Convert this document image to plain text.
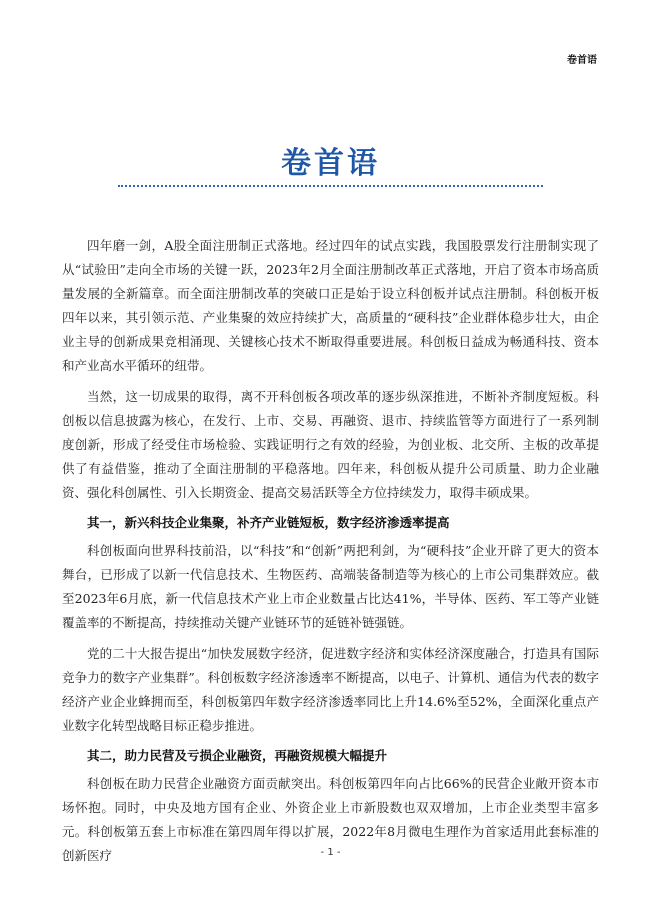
卷首语
卷首语

四年磨一剑，A股全面注册制正式落地。经过四年的试点实践，我国股票发行注册制实现了从“试验田”走向全市场的关键一跃，2023年2月全面注册制改革正式落地，开启了资本市场高质量发展的全新篇章。而全面注册制改革的突破口正是始于设立科创板并试点注册制。科创板开板四年以来，其引领示范、产业集聚的效应持续扩大，高质量的“硬科技”企业群体稳步壮大，由企业主导的创新成果竞相涌现、关键核心技术不断取得重要进展。科创板日益成为畅通科技、资本和产业高水平循环的纽带。

当然，这一切成果的取得，离不开科创板各项改革的逐步纵深推进，不断补齐制度短板。科创板以信息披露为核心，在发行、上市、交易、再融资、退市、持续监管等方面进行了一系列制度创新，形成了经受住市场检验、实践证明行之有效的经验，为创业板、北交所、主板的改革提供了有益借鉴，推动了全面注册制的平稳落地。四年来，科创板从提升公司质量、助力企业融资、强化科创属性、引入长期资金、提高交易活跃等全方位持续发力，取得丰硕成果。

其一，新兴科技企业集聚，补齐产业链短板，数字经济渗透率提高

科创板面向世界科技前沿，以“科技”和“创新”两把利剑，为“硬科技”企业开辟了更大的资本舞台，已形成了以新一代信息技术、生物医药、高端装备制造等为核心的上市公司集群效应。截至2023年6月底，新一代信息技术产业上市企业数量占比达41%，半导体、医药、军工等产业链覆盖率的不断提高，持续推动关键产业链环节的延链补链强链。

党的二十大报告提出“加快发展数字经济，促进数字经济和实体经济深度融合，打造具有国际竞争力的数字产业集群”。科创板数字经济渗透率不断提高，以电子、计算机、通信为代表的数字经济产业企业蜂拥而至，科创板第四年数字经济渗透率同比上升14.6%至52%，全面深化重点产业数字化转型战略目标正稳步推进。

其二，助力民营及亏损企业融资，再融资规模大幅提升

科创板在助力民营企业融资方面贡献突出。科创板第四年向占比66%的民营企业敞开资本市场怀抱。同时，中央及地方国有企业、外资企业上市新股数也双双增加，上市企业类型丰富多元。科创板第五套上市标准在第四周年得以扩展，2022年8月微电生理作为首家适用此套标准的创新医疗	- 1 -
